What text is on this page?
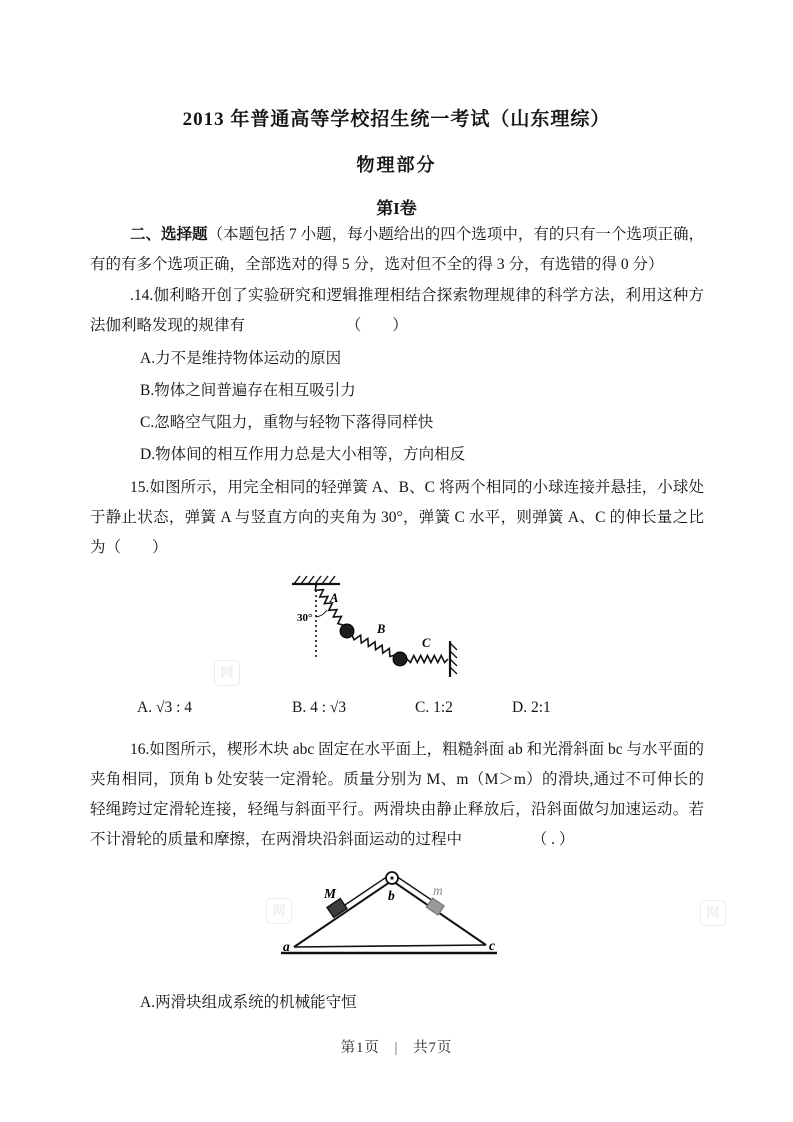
2013 年普通高等学校招生统一考试（山东理综）
物理部分
第I卷
二、选择题（本题包括 7 小题，每小题给出的四个选项中，有的只有一个选项正确，有的有多个选项正确，全部选对的得 5 分，选对但不全的得 3 分，有选错的得 0 分）
.14.伽利略开创了实验研究和逻辑推理相结合探索物理规律的科学方法，利用这种方法伽利略发现的规律有　　　　　　　（　　）
A.力不是维持物体运动的原因
B.物体之间普遍存在相互吸引力
C.忽略空气阻力，重物与轻物下落得同样快
D.物体间的相互作用力总是大小相等，方向相反
15.如图所示，用完全相同的轻弹簧 A、B、C 将两个相同的小球连接并悬挂，小球处于静止状态，弹簧 A 与竖直方向的夹角为 30°，弹簧 C 水平，则弹簧 A、C 的伸长量之比为（　　）
30°
A
B
C
A. √3 : 4	B. 4 : √3	C. 1:2	D. 2:1
16.如图所示，楔形木块 abc 固定在水平面上，粗糙斜面 ab 和光滑斜面 bc 与水平面的夹角相同，顶角 b 处安装一定滑轮。质量分别为 M、m（M＞m）的滑块,通过不可伸长的轻绳跨过定滑轮连接，轻绳与斜面平行。两滑块由静止释放后，沿斜面做匀加速运动。若不计滑轮的质量和摩擦，在两滑块沿斜面运动的过程中　　　　　（ . ）
M	m
a
b
c
网	网
网
A.两滑块组成系统的机械能守恒
第1页 | 共7页
